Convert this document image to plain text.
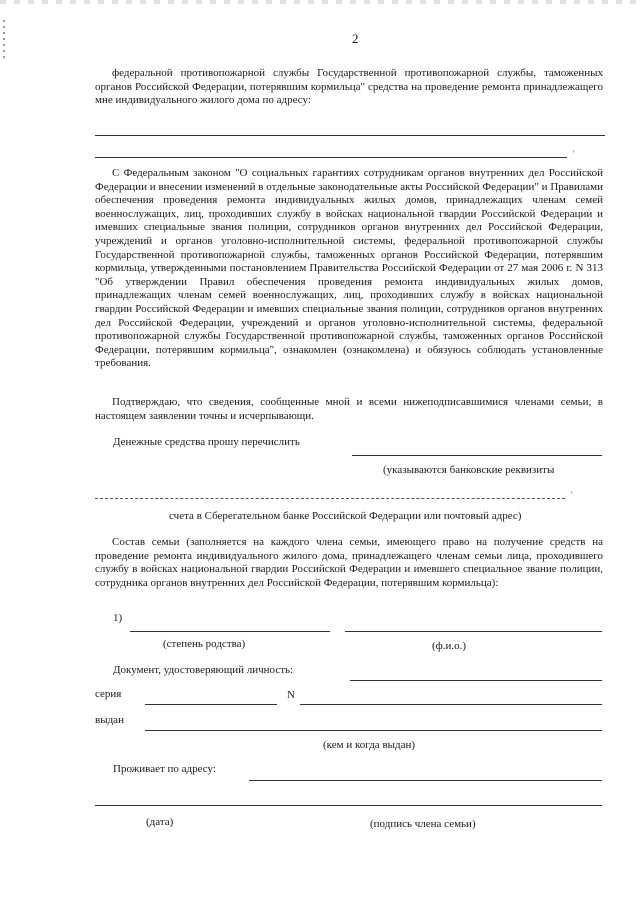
2
федеральной противопожарной службы Государственной противопожарной службы, таможенных органов Российской Федерации, потерявшим кормильца" средства на проведение ремонта принадлежащего мне индивидуального жилого дома по адресу:
'
С Федеральным законом "О социальных гарантиях сотрудникам органов внутренних дел Российской Федерации и внесении изменений в отдельные законодательные акты Российской Федерации" и Правилами обеспечения проведения ремонта индивидуальных жилых домов, принадлежащих членам семей военнослужащих, лиц, проходивших службу в войсках национальной гвардии Российской Федерации и имевших специальные звания полиции, сотрудников органов внутренних дел Российской Федерации, учреждений и органов уголовно-исполнительной системы, федеральной противопожарной службы Государственной противопожарной службы, таможенных органов Российской Федерации, потерявшим кормильца, утвержденными постановлением Правительства Российской Федерации от 27 мая 2006 г. N 313 "Об утверждении Правил обеспечения проведения ремонта индивидуальных жилых домов, принадлежащих членам семей военнослужащих, лиц, проходивших службу в войсках национальной гвардии Российской Федерации и имевших специальные звания полиции, сотрудников органов внутренних дел Российской Федерации, учреждений и органов уголовно-исполнительной системы, федеральной противопожарной службы Государственной противопожарной службы, таможенных органов Российской Федерации, потерявшим кормильца", ознакомлен (ознакомлена) и обязуюсь соблюдать установленные требования.
Подтверждаю, что сведения, сообщенные мной и всеми нижеподписавшимися членами семьи, в настоящем заявлении точны и исчерпывающи.
Денежные средства прошу перечислить
(указываются банковские реквизиты
'
счета в Сберегательном банке Российской Федерации или почтовый адрес)
Состав семьи (заполняется на каждого члена семьи, имеющего право на получение средств на проведение ремонта индивидуального жилого дома, принадлежащего членам семьи лица, проходившего службу в войсках национальной гвардии Российской Федерации и имевшего специальное звание полиции, сотрудника органов внутренних дел Российской Федерации, потерявшим кормильца):
1)
(степень родства)	(ф.и.о.)
Документ, удостоверяющий личность:
серия	N
выдан
(кем и когда выдан)
Проживает по адресу:
(дата)	(подпись члена семьи)
